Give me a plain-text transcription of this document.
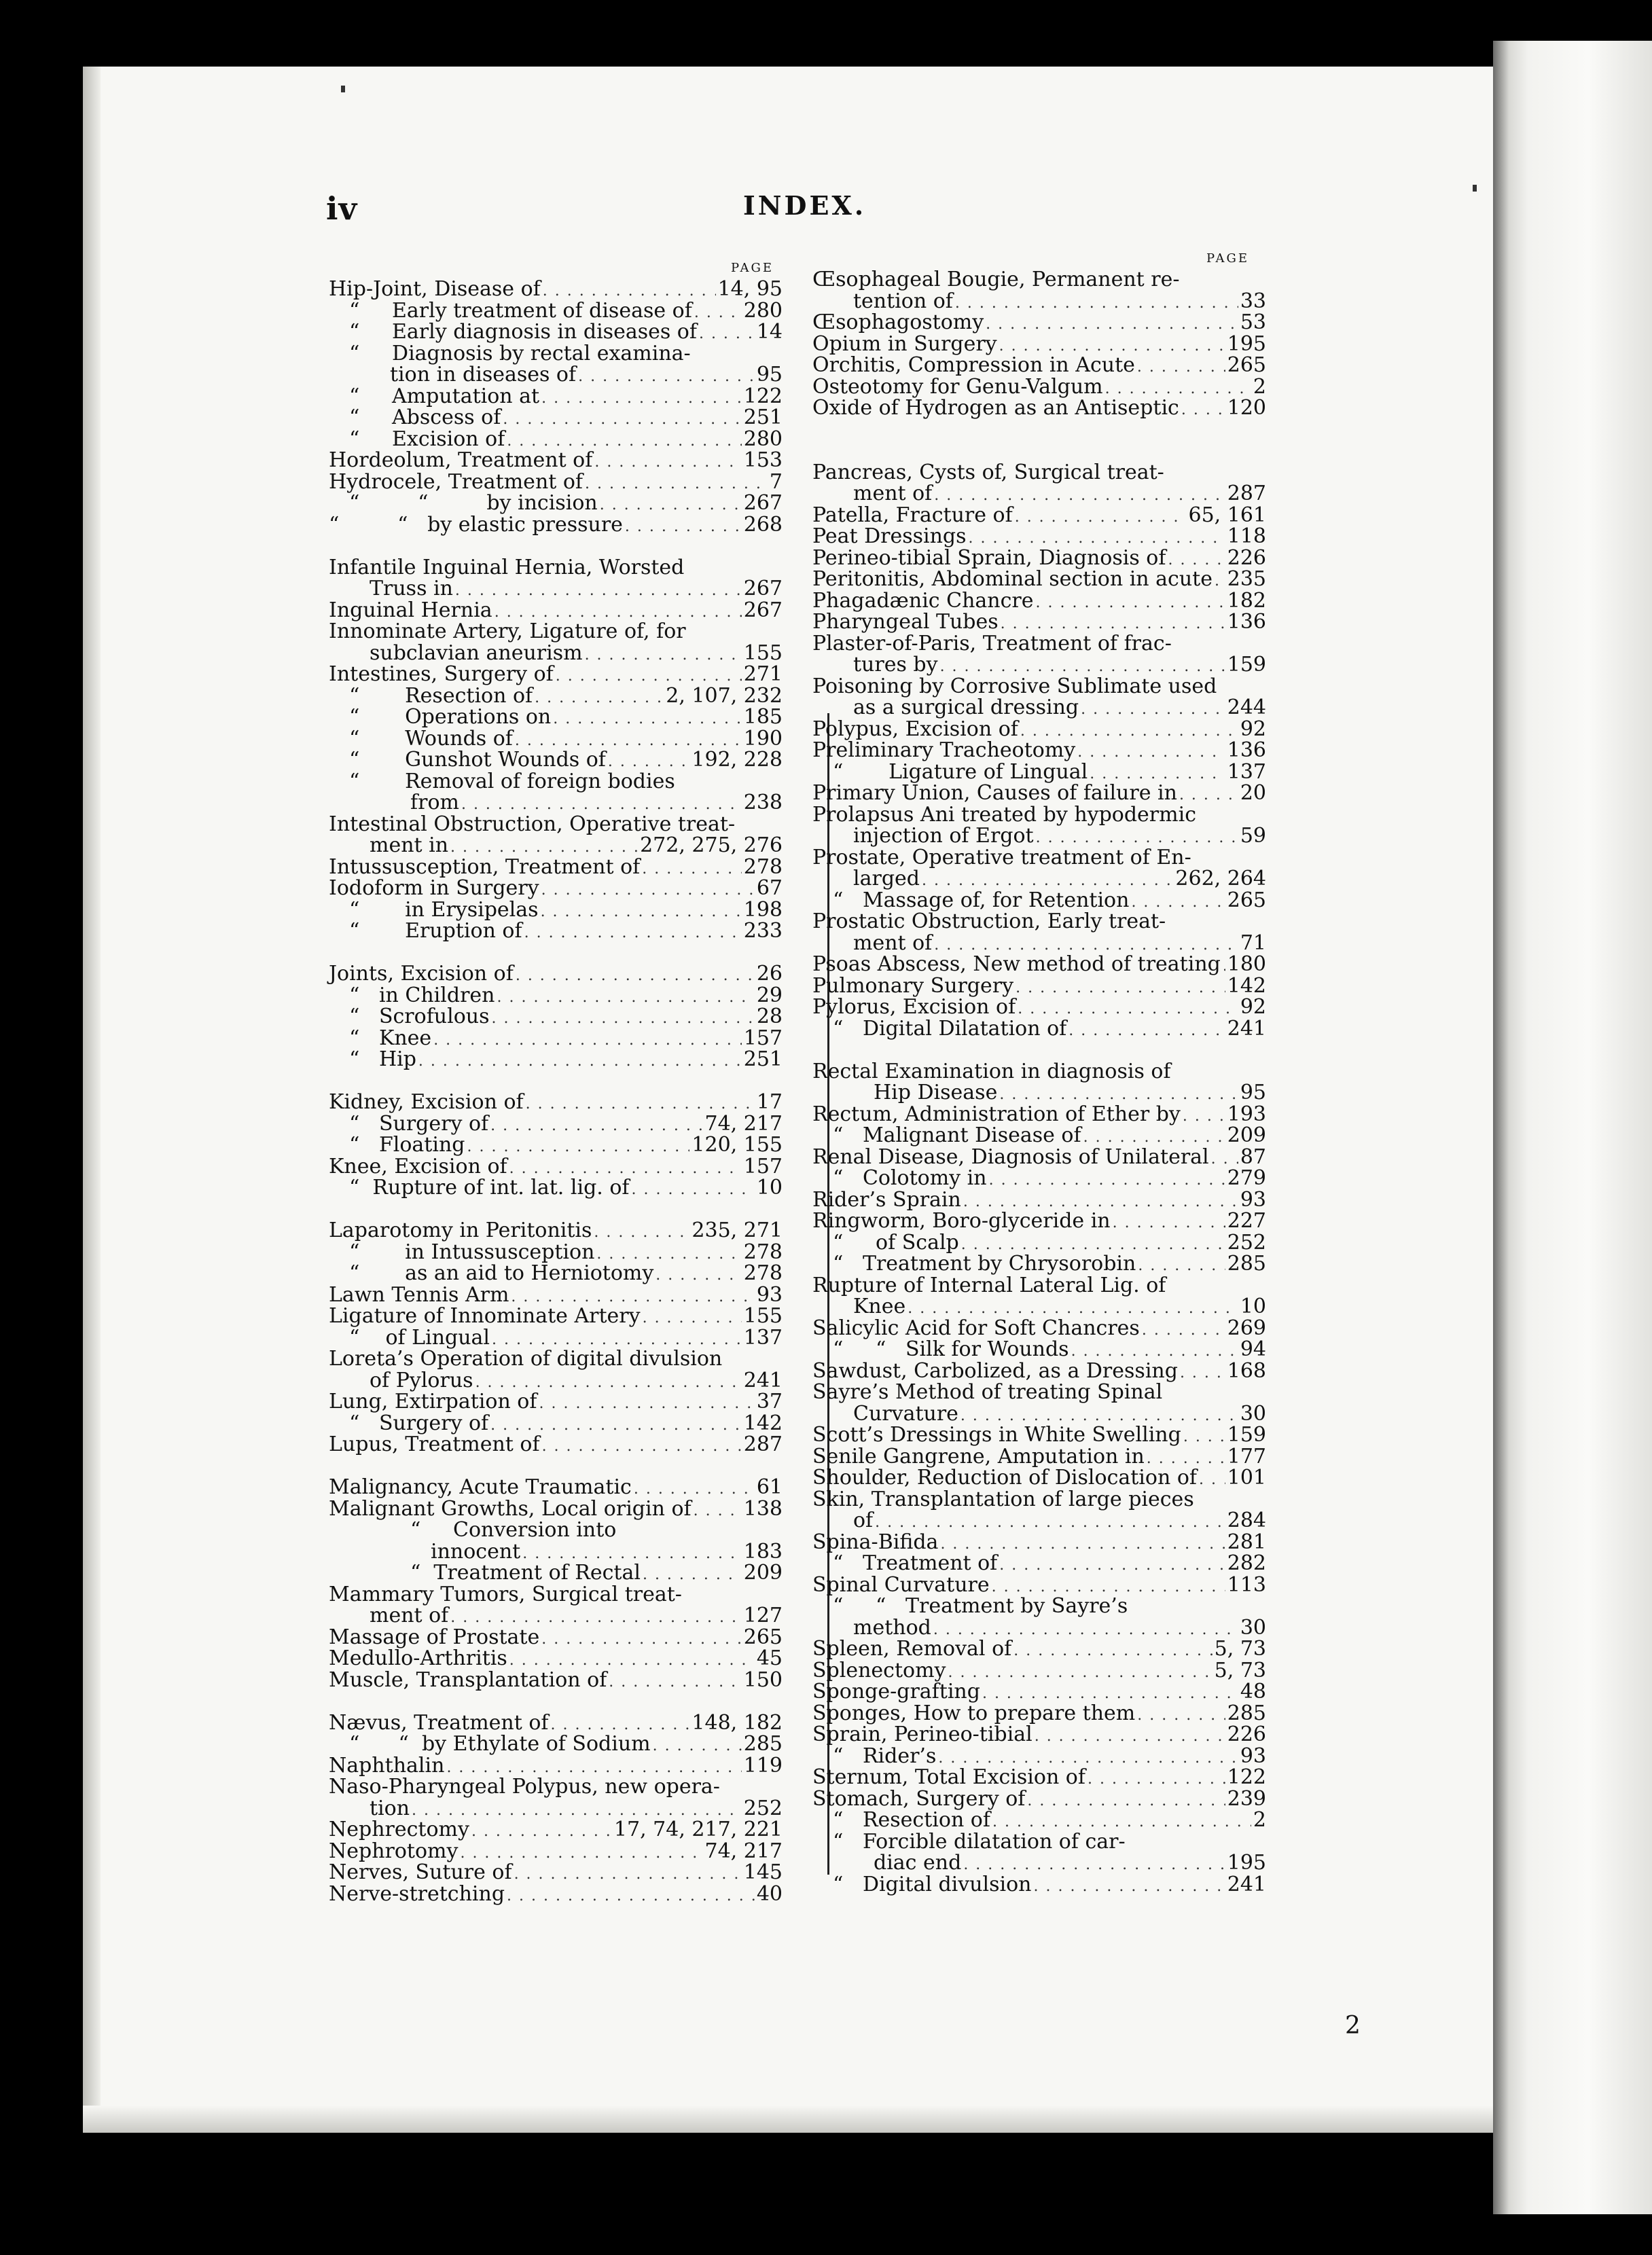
iv	INDEX.
PAGE
PAGE
Hip-Joint, Disease of . . .	14, 95
“     Early treatment of disease of . . .	280
“     Early diagnosis in diseases of . . .	14
“     Diagnosis by rectal examina-
tion in diseases of . . .	95
“     Amputation at . . .	122
“     Abscess of . . .	251
“     Excision of . . .	280
Hordeolum, Treatment of . . .	153
Hydrocele, Treatment of . . .	7
“         “         by incision . . .	267
“         “   by elastic pressure . . .	268
Infantile Inguinal Hernia, Worsted
Truss in . . .	267
Inguinal Hernia . . .	267
Innominate Artery, Ligature of, for
subclavian aneurism . . .	155
Intestines, Surgery of . . .	271
“       Resection of . . .	2, 107, 232
“       Operations on . . .	185
“       Wounds of . . .	190
“       Gunshot Wounds of . . .	192, 228
“       Removal of foreign bodies
from . . .	238
Intestinal Obstruction, Operative treat-
ment in . . .	272, 275, 276
Intussusception, Treatment of . . .	278
Iodoform in Surgery . . .	67
“       in Erysipelas . . .	198
“       Eruption of . . .	233
Joints, Excision of . . .	26
“   in Children . . .	29
“   Scrofulous . . .	28
“   Knee . . .	157
“   Hip . . .	251
Kidney, Excision of . . .	17
“   Surgery of . . .	74, 217
“   Floating . . .	120, 155
Knee, Excision of . . .	157
“  Rupture of int. lat. lig. of . . .	10
Laparotomy in Peritonitis . . .	235, 271
“       in Intussusception . . .	278
“       as an aid to Herniotomy . . .	278
Lawn Tennis Arm . . .	93
Ligature of Innominate Artery . . .	155
“    of Lingual . . .	137
Loreta’s Operation of digital divulsion
of Pylorus . . .	241
Lung, Extirpation of . . .	37
“   Surgery of . . .	142
Lupus, Treatment of . . .	287
Malignancy, Acute Traumatic . . .	61
Malignant Growths, Local origin of . . .	138
“     Conversion into
innocent . . .	183
“  Treatment of Rectal . . .	209
Mammary Tumors, Surgical treat-
ment of . . .	127
Massage of Prostate . . .	265
Medullo-Arthritis . . .	45
Muscle, Transplantation of . . .	150
Nævus, Treatment of . . .	148, 182
“      “  by Ethylate of Sodium . . .	285
Naphthalin . . .	119
Naso-Pharyngeal Polypus, new opera-
tion . . .	252
Nephrectomy . . .	17, 74, 217, 221
Nephrotomy . . .	74, 217
Nerves, Suture of . . .	145
Nerve-stretching . . .	40
Œsophageal Bougie, Permanent re-
tention of . . .	33
Œsophagostomy . . .	53
Opium in Surgery . . .	195
Orchitis, Compression in Acute . . .	265
Osteotomy for Genu-Valgum . . .	2
Oxide of Hydrogen as an Antiseptic . . . 120
Pancreas, Cysts of, Surgical treat-
ment of . . .	287
Patella, Fracture of . . .	65, 161
Peat Dressings . . .	118
Perineo-tibial Sprain, Diagnosis of . . .	226
Peritonitis, Abdominal section in acute . . . 235
Phagadænic Chancre . . .	182
Pharyngeal Tubes . . .	136
Plaster-of-Paris, Treatment of frac-
tures by . . .	159
Poisoning by Corrosive Sublimate used
as a surgical dressing . . .	244
Polypus, Excision of . . .	92
Preliminary Tracheotomy . . .	136
“       Ligature of Lingual . . .	137
Primary Union, Causes of failure in . . .	20
Prolapsus Ani treated by hypodermic
injection of Ergot . . .	59
Prostate, Operative treatment of En-
larged . . .	262, 264
“   Massage of, for Retention . . .	265
Prostatic Obstruction, Early treat-
ment of . . .	71
Psoas Abscess, New method of treating . . . 180
Pulmonary Surgery . . .	142
Pylorus, Excision of . . .	92
“   Digital Dilatation of . . .	241
Rectal Examination in diagnosis of
Hip Disease . . .	95
Rectum, Administration of Ether by . . . 193
“   Malignant Disease of . . .	209
Renal Disease, Diagnosis of Unilateral . . . 87
“   Colotomy in . . .	279
Rider’s Sprain . . .	93
Ringworm, Boro-glyceride in . . .	227
“     of Scalp . . .	252
“   Treatment by Chrysorobin . . .	285
Rupture of Internal Lateral Lig. of
Knee . . .	10
Salicylic Acid for Soft Chancres . . .	269
“     “   Silk for Wounds . . .	94
Sawdust, Carbolized, as a Dressing . . . 168
Sayre’s Method of treating Spinal
Curvature . . .	30
Scott’s Dressings in White Swelling . . . 159
Senile Gangrene, Amputation in . . .	177
Shoulder, Reduction of Dislocation of . . . 101
Skin, Transplantation of large pieces
of . . .	284
Spina-Bifida . . .	281
“   Treatment of . . .	282
Spinal Curvature . . .	113
“     “   Treatment by Sayre’s
method . . .	30
Spleen, Removal of . . .	5, 73
Splenectomy . . .	5, 73
Sponge-grafting . . .	48
Sponges, How to prepare them . . .	285
Sprain, Perineo-tibial . . .	226
“   Rider’s . . .	93
Sternum, Total Excision of . . .	122
Stomach, Surgery of . . .	239
“   Resection of . . .	2
“   Forcible dilatation of car-
diac end . . .	195
“   Digital divulsion . . .	241
2
